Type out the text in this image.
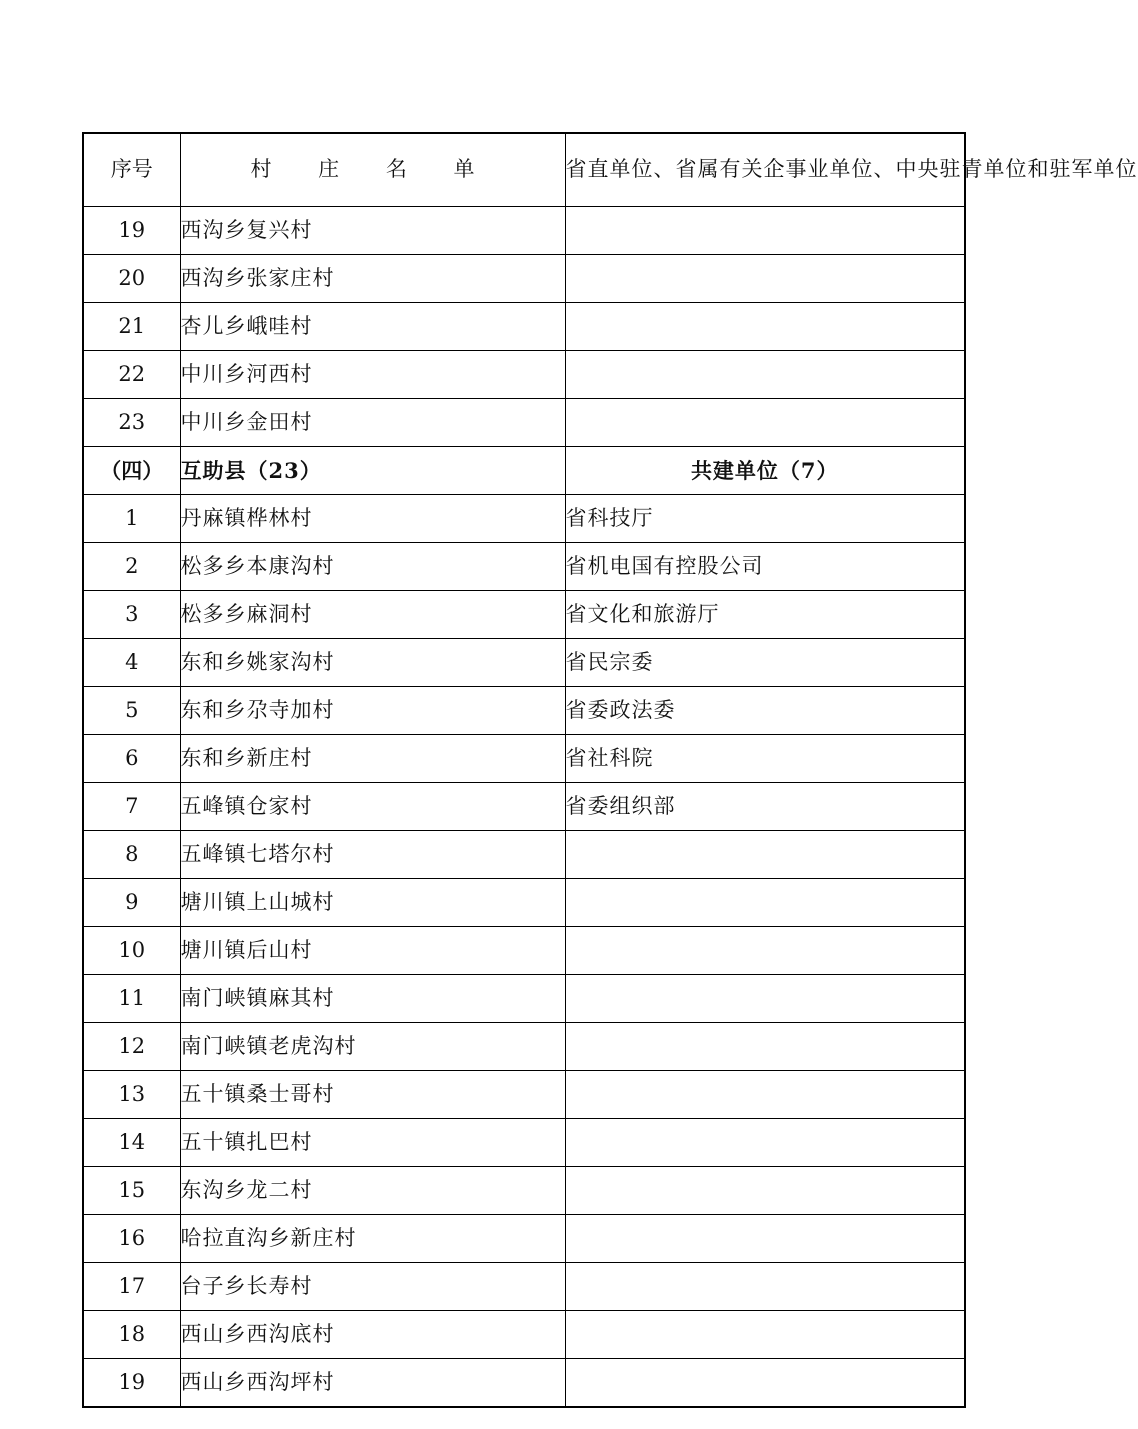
序号	村 庄 名 单	省直单位、省属有关企事业单位、中央驻青单位和驻军单位
19	西沟乡复兴村	
20	西沟乡张家庄村	
21	杏儿乡峨哇村	
22	中川乡河西村	
23	中川乡金田村	
（四）	互助县（23）	共建单位（7）
1	丹麻镇桦林村	省科技厅
2	松多乡本康沟村	省机电国有控股公司
3	松多乡麻洞村	省文化和旅游厅
4	东和乡姚家沟村	省民宗委
5	东和乡尕寺加村	省委政法委
6	东和乡新庄村	省社科院
7	五峰镇仓家村	省委组织部
8	五峰镇七塔尔村	
9	塘川镇上山城村	
10	塘川镇后山村	
11	南门峡镇麻其村	
12	南门峡镇老虎沟村	
13	五十镇桑士哥村	
14	五十镇扎巴村	
15	东沟乡龙二村	
16	哈拉直沟乡新庄村	
17	台子乡长寿村	
18	西山乡西沟底村	
19	西山乡西沟坪村	
